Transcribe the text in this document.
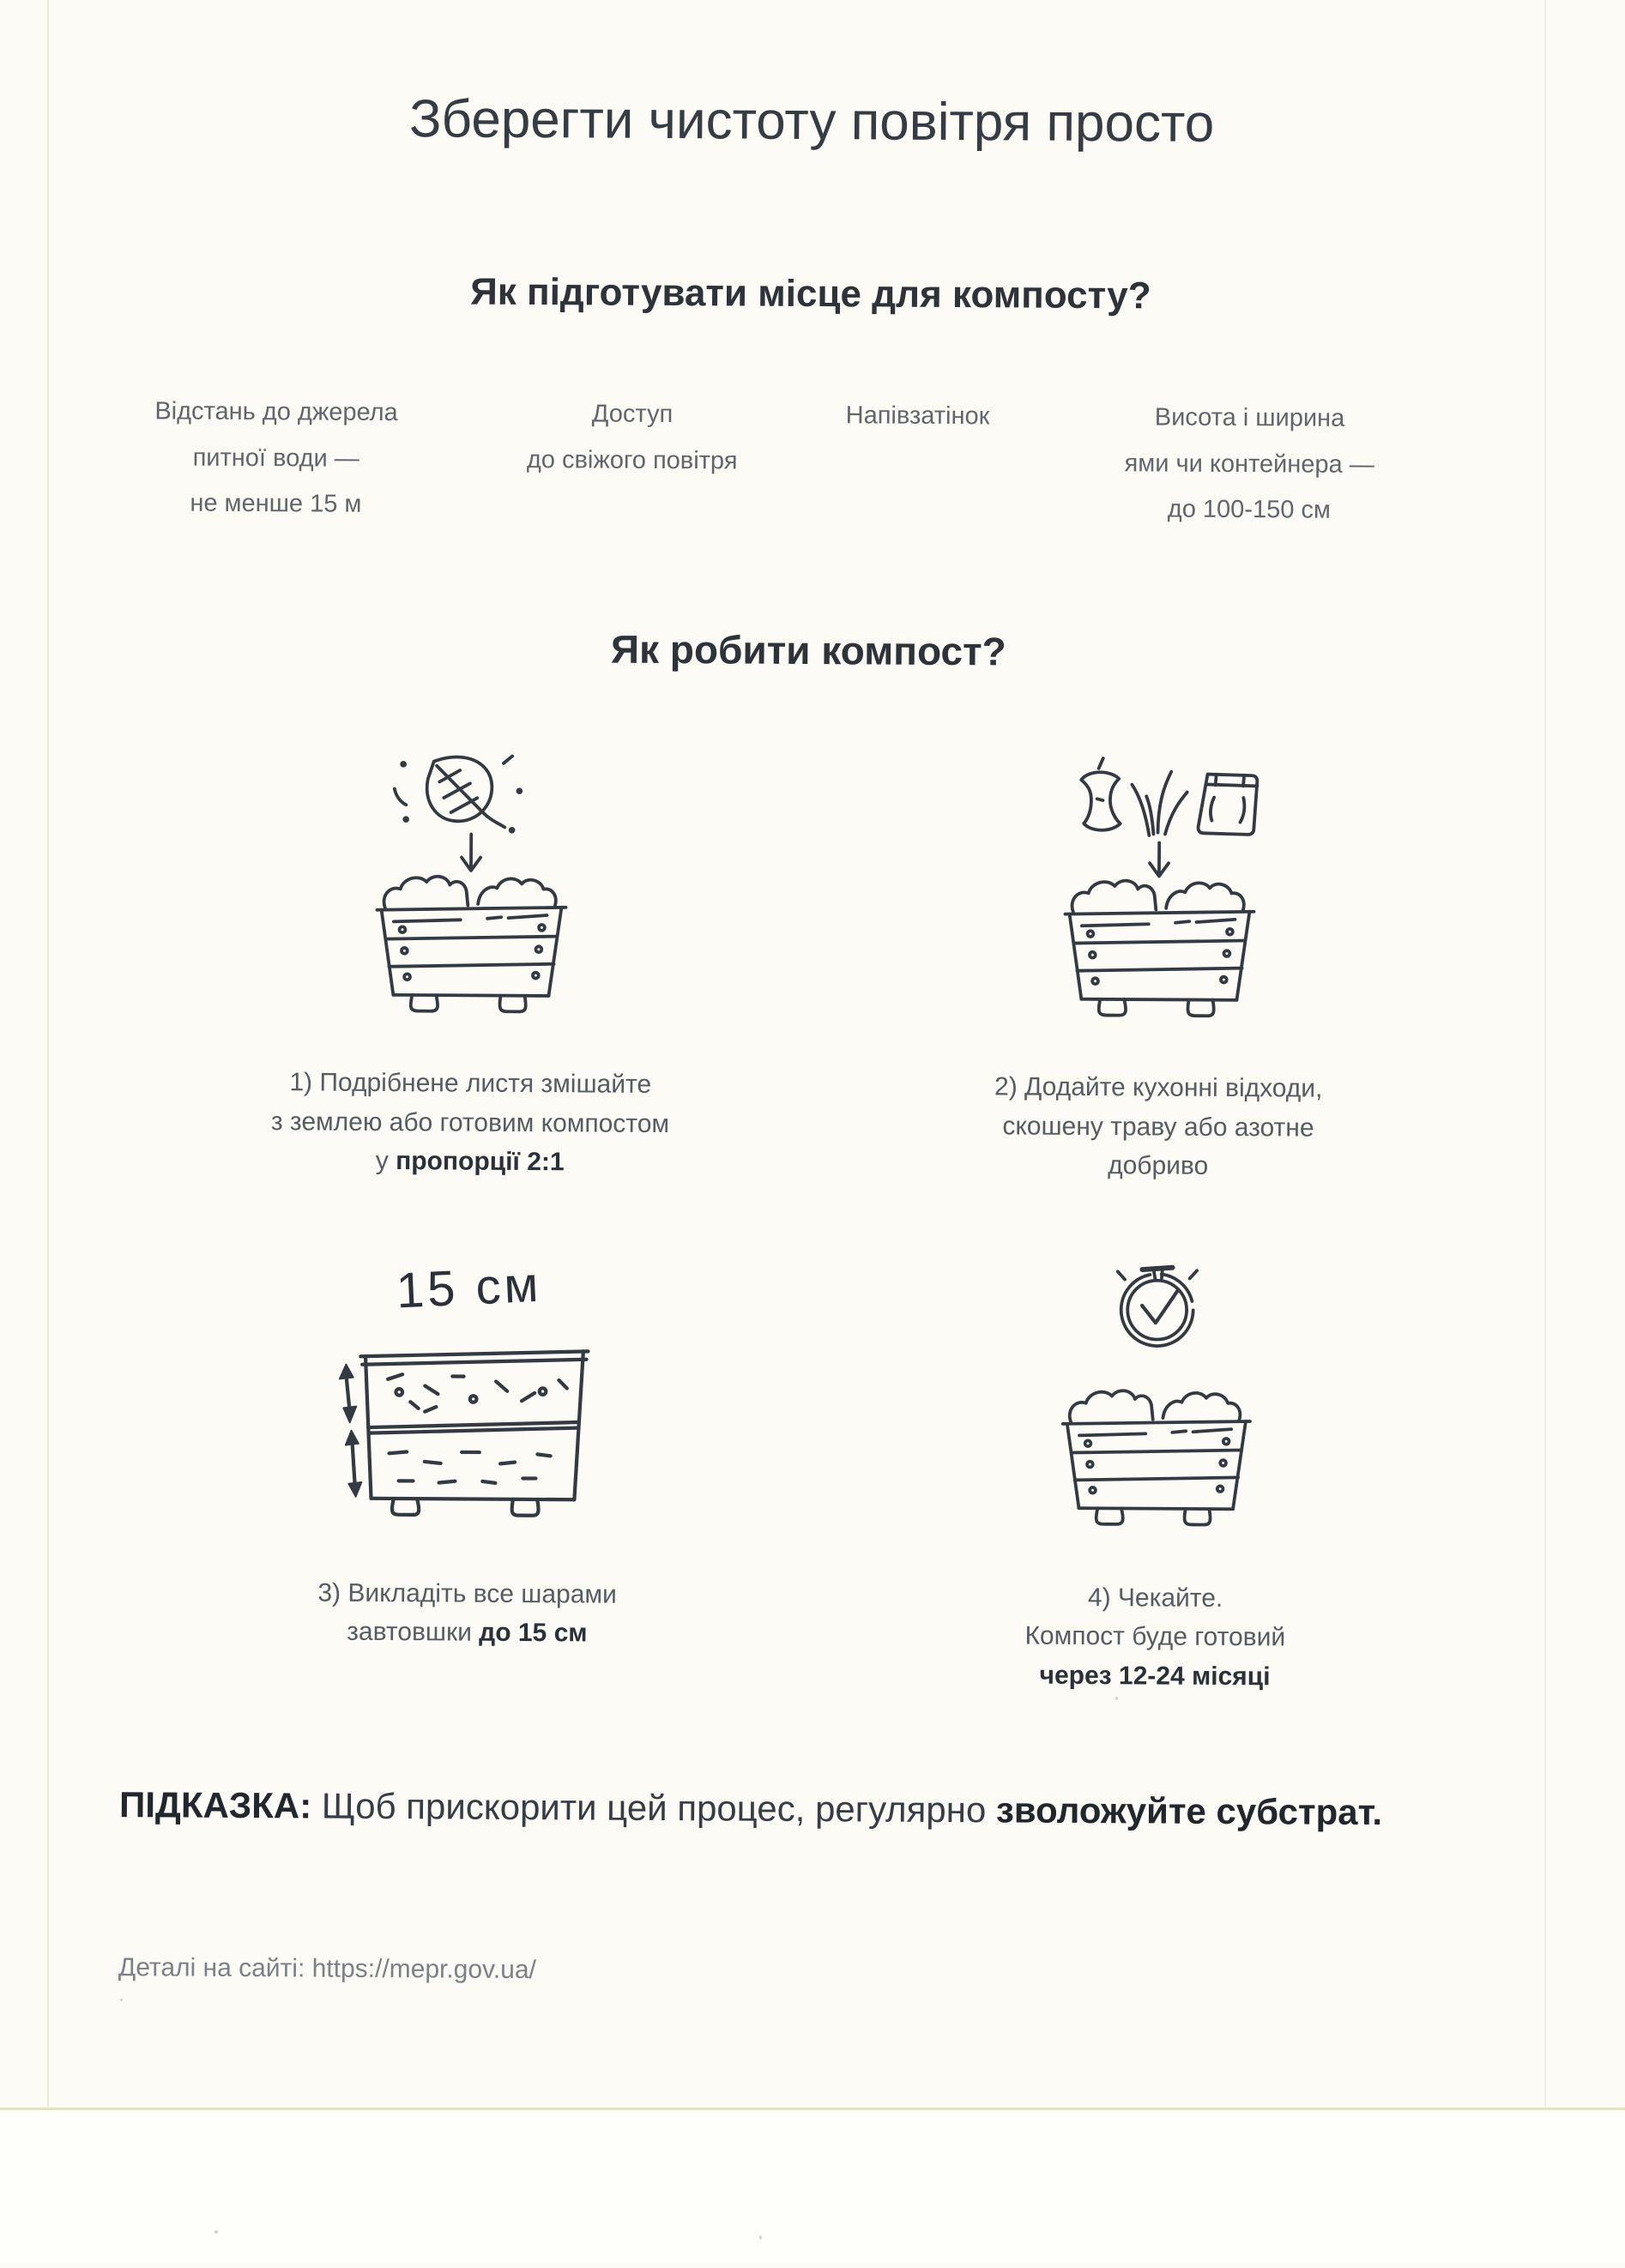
Зберегти чистоту повітря просто
Як підготувати місце для компосту?
Відстань до джерела
питної води —
не менше 15 м
Доступ
до свіжого повітря
Напівзатінок	Висота і ширина
ями чи контейнера —
до 100-150 см
Як робити компост?

1) Подрібнене листя змішайте
з землею або готовим компостом
у пропорції 2:1

2) Додайте кухонні відходи,
скошену траву або азотне
добриво

15 см

3) Викладіть все шарами
завтовшки до 15 см

4) Чекайте.
Компост буде готовий
через 12-24 місяці

ПІДКАЗКА: Щоб прискорити цей процес, регулярно зволожуйте субстрат.

Деталі на сайті: https://mepr.gov.ua/
